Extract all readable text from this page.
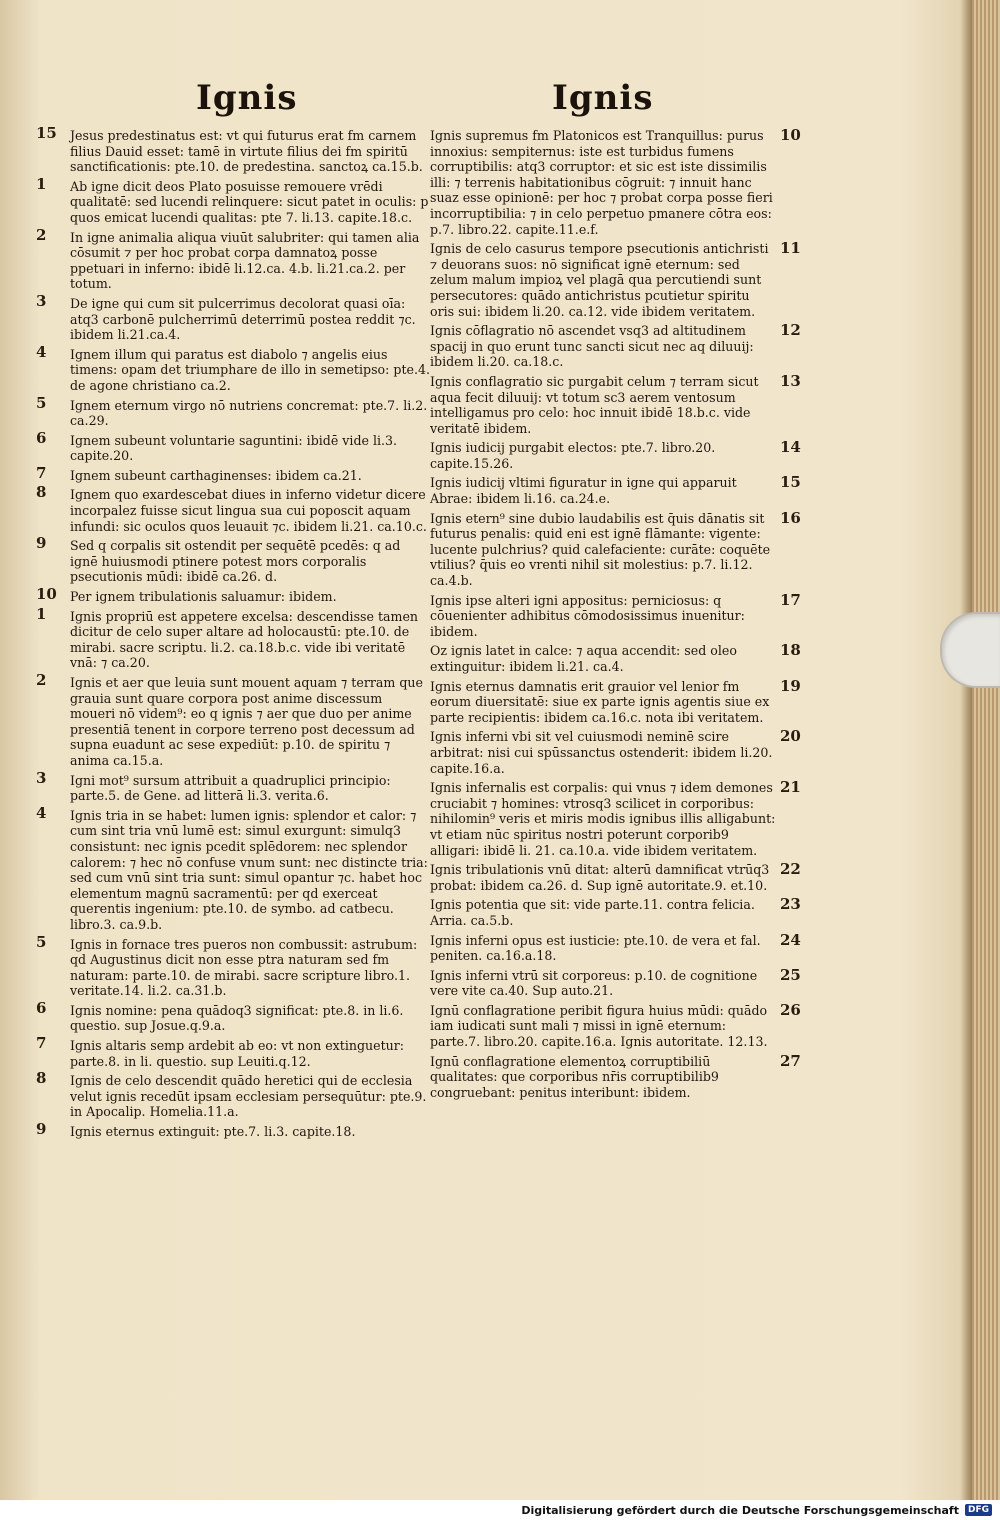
Ignis	Ignis
15 Jesus predestinatus est: vt qui futurus erat fm carnem filius Dauid esset: tamē in virtute filius dei fm spiritū sanctificationis: pte.10. de predestina. sanctoꝝ ca.15.b.
1 Ab igne dicit deos Plato posuisse remouere vrēdi qualitatē: sed lucendi relinquere: sicut patet in oculis: p quos emicat lucendi qualitas: pte 7. li.13. capite.18.c.
2 In igne animalia aliqua viuūt salubriter: qui tamen alia cōsumit ⁊ per hoc probat corpa damnatoꝝ posse ppetuari in inferno: ibidē li.12.ca. 4.b. li.21.ca.2. per totum.
3 De igne qui cum sit pulcerrimus decolorat quasi oīa: atq3 carbonē pulcherrimū deterrimū postea reddit ⁊c. ibidem li.21.ca.4.
4 Ignem illum qui paratus est diabolo ⁊ angelis eius timens: opam det triumphare de illo in semetipso: pte.4. de agone christiano ca.2.
5 Ignem eternum virgo nō nutriens concremat: pte.7. li.2. ca.29.
6 Ignem subeunt voluntarie saguntini: ibidē vide li.3. capite.20.
7 Ignem subeunt carthaginenses: ibidem ca.21.
8 Ignem quo exardescebat diues in inferno videtur dicere incorpalez fuisse sicut lingua sua cui poposcit aquam infundi: sic oculos quos leuauit ⁊c. ibidem li.21. ca.10.c.
9 Sed q corpalis sit ostendit per sequētē pcedēs: q ad ignē huiusmodi ptinere potest mors corporalis psecutionis mūdi: ibidē ca.26. d.
10 Per ignem tribulationis saluamur: ibidem.
1 Ignis propriū est appetere excelsa: descendisse tamen dicitur de celo super altare ad holocaustū: pte.10. de mirabi. sacre scriptu. li.2. ca.18.b.c. vide ibi veritatē vnā: ⁊ ca.20.
2 Ignis et aer que leuia sunt mouent aquam ⁊ terram que grauia sunt quare corpora post anime discessum moueri nō videm⁹: eo q ignis ⁊ aer que duo per anime presentiā tenent in corpore terreno post decessum ad supna euadunt ac sese expediūt: p.10. de spiritu ⁊ anima ca.15.a.
3 Igni mot⁹ sursum attribuit a quadruplici principio: parte.5. de Gene. ad litterā li.3. verita.6.
4 Ignis tria in se habet: lumen ignis: splendor et calor: ⁊ cum sint tria vnū lumē est: simul exurgunt: simulq3 consistunt: nec ignis pcedit splēdorem: nec splendor calorem: ⁊ hec nō confuse vnum sunt: nec distincte tria: sed cum vnū sint tria sunt: simul opantur ⁊c. habet hoc elementum magnū sacramentū: per qd exerceat querentis ingenium: pte.10. de symbo. ad catbecu. libro.3. ca.9.b.
5 Ignis in fornace tres pueros non combussit: astrubum: qd Augustinus dicit non esse ptra naturam sed fm naturam: parte.10. de mirabi. sacre scripture libro.1. veritate.14. li.2. ca.31.b.
6 Ignis nomine: pena quādoq3 significat: pte.8. in li.6. questio. sup Josue.q.9.a.
7 Ignis altaris semp ardebit ab eo: vt non extinguetur: parte.8. in li. questio. sup Leuiti.q.12.
8 Ignis de celo descendit quādo heretici qui de ecclesia velut ignis recedūt ipsam ecclesiam persequūtur: pte.9. in Apocalip. Homelia.11.a.
9 Ignis eternus extinguit: pte.7. li.3. capite.18.
10
Ignis supremus fm Platonicos est Tranquillus: purus innoxius: sempiternus: iste est turbidus fumens corruptibilis: atq3 corruptor: et sic est iste dissimilis illi: ⁊ terrenis habitationibus cōgruit: ⁊ innuit hanc suaz esse opinionē: per hoc ⁊ probat corpa posse fieri incorruptibilia: ⁊ in celo perpetuo pmanere cōtra eos: p.7. libro.22. capite.11.e.f.
11
Ignis de celo casurus tempore psecutionis antichristi ⁊ deuorans suos: nō significat ignē eternum: sed zelum malum impioꝝ vel plagā qua percutiendi sunt persecutores: quādo antichristus pcutietur spiritu oris sui: ibidem li.20. ca.12. vide ibidem veritatem.
12
Ignis cōflagratio nō ascendet vsq3 ad altitudinem spacij in quo erunt tunc sancti sicut nec aq diluuij: ibidem li.20. ca.18.c.
13
Ignis conflagratio sic purgabit celum ⁊ terram sicut aqua fecit diluuij: vt totum sc3 aerem ventosum intelligamus pro celo: hoc innuit ibidē 18.b.c. vide veritatē ibidem.
14
Ignis iudicij purgabit electos: pte.7. libro.20. capite.15.26.
15
Ignis iudicij vltimi figuratur in igne qui apparuit Abrae: ibidem li.16. ca.24.e.
16
Ignis etern⁹ sine dubio laudabilis est q̄uis dānatis sit futurus penalis: quid eni est ignē flāmante: vigente: lucente pulchrius? quid calefaciente: curāte: coquēte vtilius? q̄uis eo vrenti nihil sit molestius: p.7. li.12. ca.4.b.
17
Ignis ipse alteri igni appositus: perniciosus: q cōuenienter adhibitus cōmodosissimus inuenitur: ibidem.
18
Oz ignis latet in calce: ⁊ aqua accendit: sed oleo extinguitur: ibidem li.21. ca.4.
19
Ignis eternus damnatis erit grauior vel lenior fm eorum diuersitatē: siue ex parte ignis agentis siue ex parte recipientis: ibidem ca.16.c. nota ibi veritatem.
20
Ignis inferni vbi sit vel cuiusmodi neminē scire arbitrat: nisi cui spūssanctus ostenderit: ibidem li.20. capite.16.a.
21
Ignis infernalis est corpalis: qui vnus ⁊ idem demones cruciabit ⁊ homines: vtrosq3 scilicet in corporibus: nihilomin⁹ veris et miris modis ignibus illis alligabunt: vt etiam nūc spiritus nostri poterunt corporib9 alligari: ibidē li. 21. ca.10.a. vide ibidem veritatem.
22
Ignis tribulationis vnū ditat: alterū damnificat vtrūq3 probat: ibidem ca.26. d. Sup ignē autoritate.9. et.10.
23
Ignis potentia que sit: vide parte.11. contra felicia. Arria. ca.5.b.
24
Ignis inferni opus est iusticie: pte.10. de vera et fal. peniten. ca.16.a.18.
25
Ignis inferni vtrū sit corporeus: p.10. de cognitione vere vite ca.40. Sup auto.21.
26
Ignū conflagratione peribit figura huius mūdi: quādo iam iudicati sunt mali ⁊ missi in ignē eternum: parte.7. libro.20. capite.16.a. Ignis autoritate. 12.13.
27
Ignū conflagratione elementoꝝ corruptibiliū qualitates: que corporibus nr̄is corruptibilib9 congruebant: penitus interibunt: ibidem.
Digitalisierung gefördert durch die Deutsche Forschungsgemeinschaft	DFG
